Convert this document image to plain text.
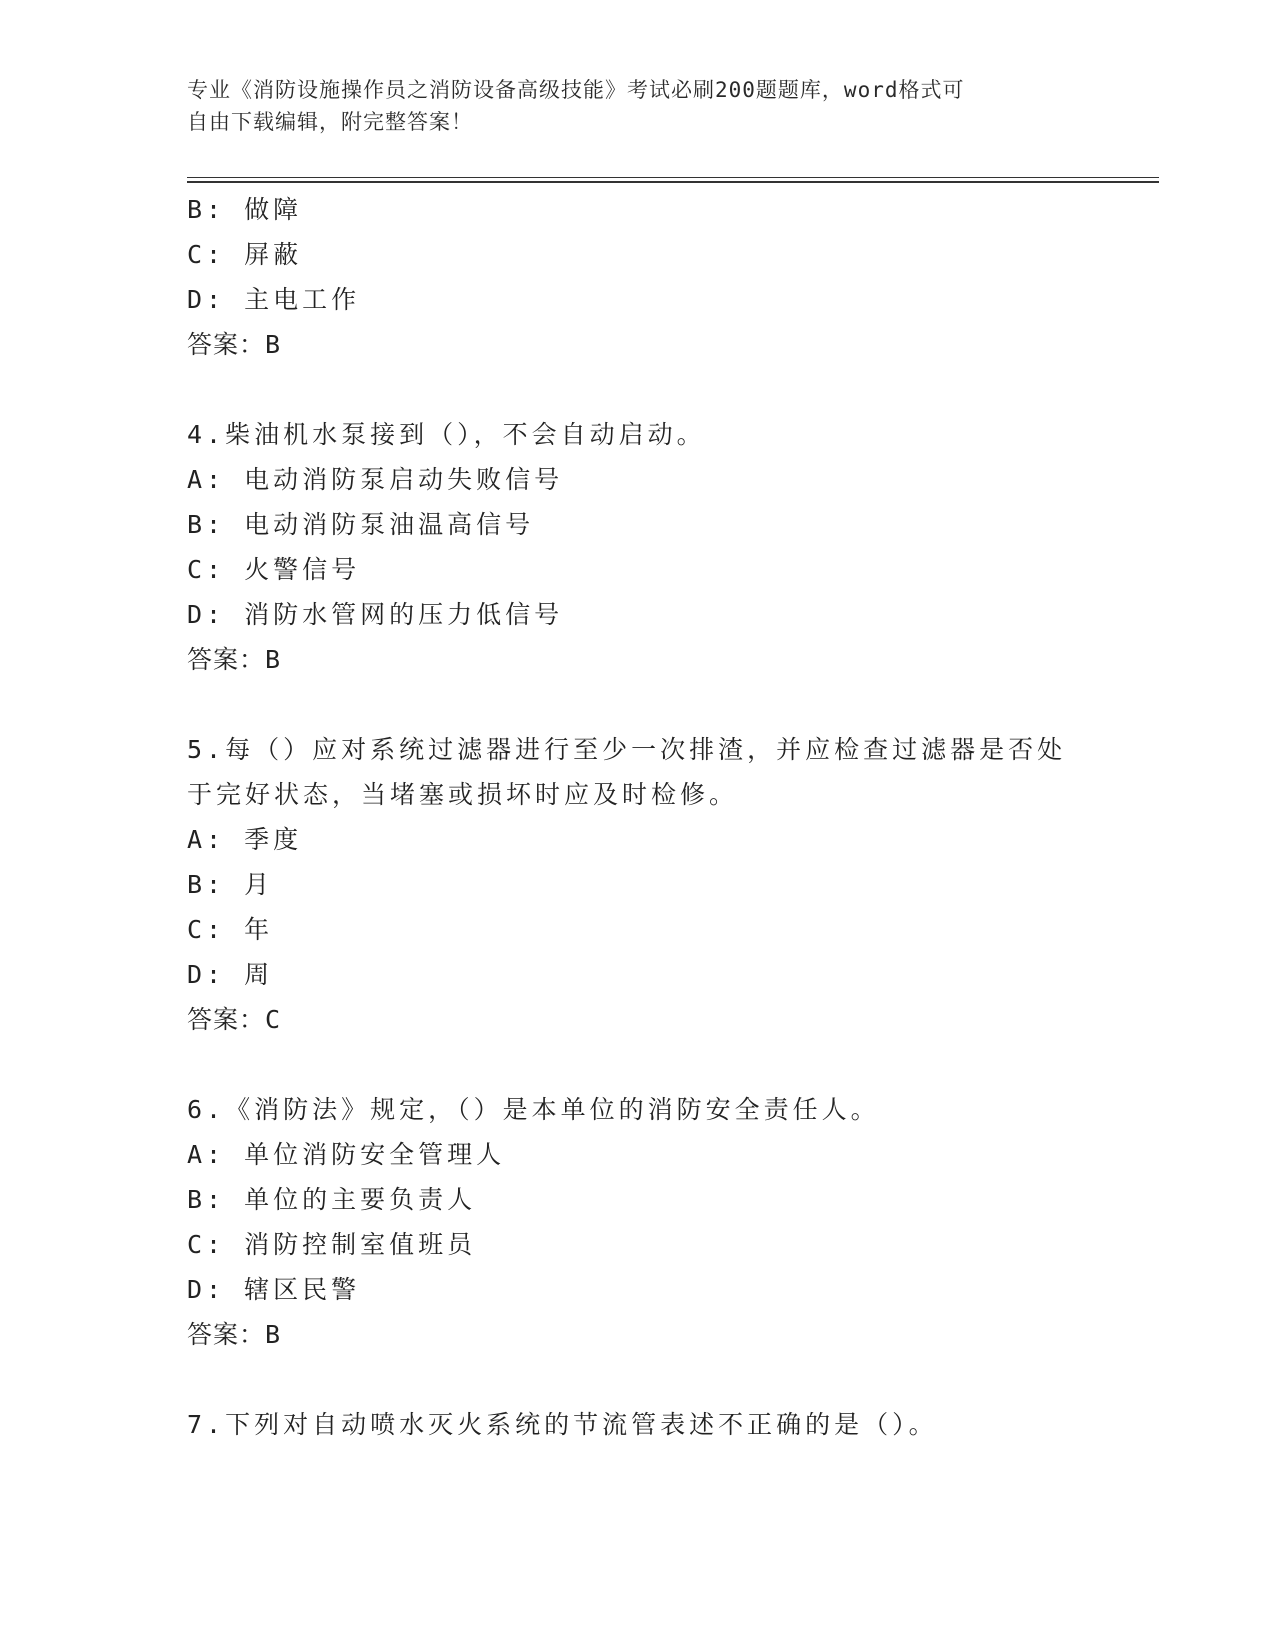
专业《消防设施操作员之消防设备高级技能》考试必刷200题题库，word格式可
自由下载编辑，附完整答案！
B: 做障
C: 屏蔽
D: 主电工作
答案：B
4.柴油机水泵接到（），不会自动启动。
A: 电动消防泵启动失败信号
B: 电动消防泵油温高信号
C: 火警信号
D: 消防水管网的压力低信号
答案：B
5.每（）应对系统过滤器进行至少一次排渣，并应检查过滤器是否处
于完好状态，当堵塞或损坏时应及时检修。
A: 季度
B: 月
C: 年
D: 周
答案：C
6.《消防法》规定，（）是本单位的消防安全责任人。
A: 单位消防安全管理人
B: 单位的主要负责人
C: 消防控制室值班员
D: 辖区民警
答案：B
7.下列对自动喷水灭火系统的节流管表述不正确的是（）。
